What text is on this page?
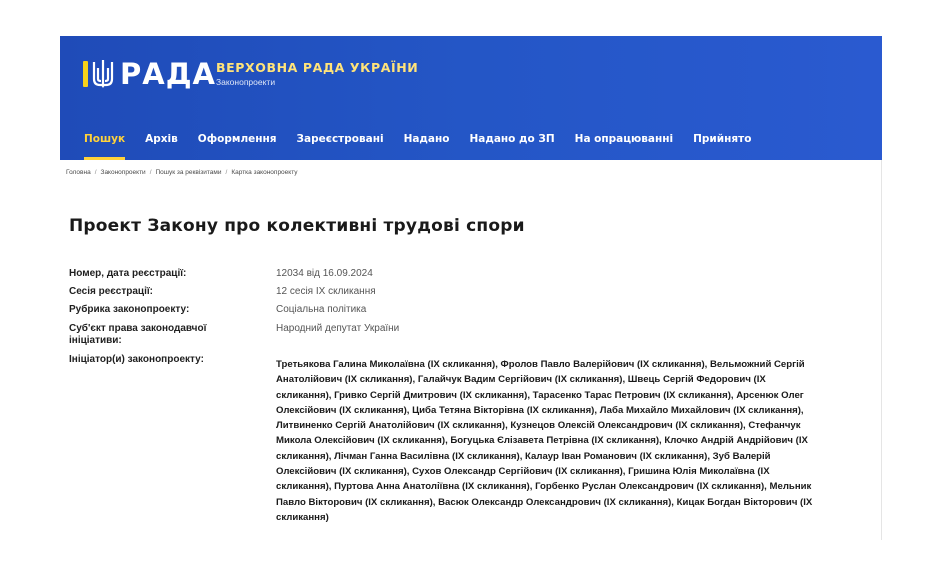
РАДА ВЕРХОВНА РАДА УКРАЇНИ
Законопроекти
Пошук	Архів	Оформлення	Зареєстровані	Надано	Надано до ЗП	На опрацюванні	Прийнято
Головна / Законопроекти / Пошук за реквізитами / Картка законопроекту
Проект Закону про колективні трудові спори
Номер, дата реєстрації:	12034 від 16.09.2024
Сесія реєстрації:	12 сесія IX скликання
Рубрика законопроекту:	Соціальна політика
Суб'єкт права законодавчої
ініціативи:
Народний депутат України
Ініціатор(и) законопроекту:	Третьякова Галина Миколаївна (IX скликання), Фролов Павло Валерійович (IX скликання), Вельможний Сергій
Анатолійович (IX скликання), Галайчук Вадим Сергійович (IX скликання), Швець Сергій Федорович (IX
скликання), Гривко Сергій Дмитрович (IX скликання), Тарасенко Тарас Петрович (IX скликання), Арсенюк Олег
Олексійович (IX скликання), Циба Тетяна Вікторівна (IX скликання), Лаба Михайло Михайлович (IX скликання),
Литвиненко Сергій Анатолійович (IX скликання), Кузнецов Олексій Олександрович (IX скликання), Стефанчук
Микола Олексійович (IX скликання), Богуцька Єлізавета Петрівна (IX скликання), Клочко Андрій Андрійович (IX
скликання), Лічман Ганна Василівна (IX скликання), Калаур Іван Романович (IX скликання), Зуб Валерій
Олексійович (IX скликання), Сухов Олександр Сергійович (IX скликання), Гришина Юлія Миколаївна (IX
скликання), Пуртова Анна Анатоліївна (IX скликання), Горбенко Руслан Олександрович (IX скликання), Мельник
Павло Вікторович (IX скликання), Васюк Олександр Олександрович (IX скликання), Кицак Богдан Вікторович (IX
скликання)
